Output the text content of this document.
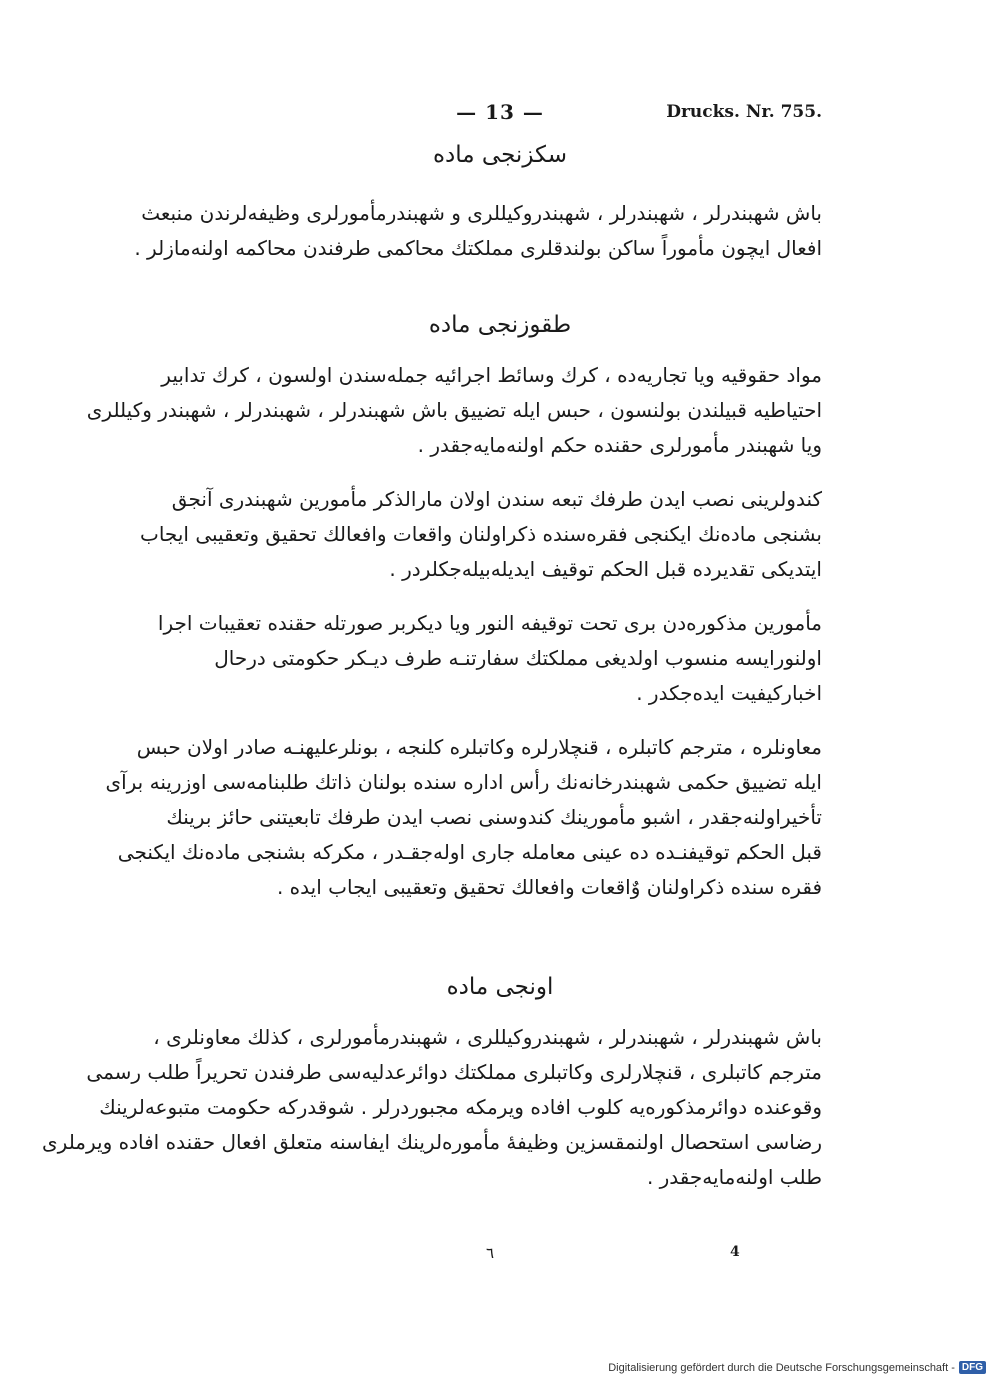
— 13 —	Drucks. Nr. 755.
سكزنجی ماده
باش شهبندرلر ، شهبندرلر ، شهبندروكيللری و شهبندرمأمورلری وظيفه‌لرندن منبعث
افعال ايچون مأموراً ساكن بولندقلری مملكتك محاكمی طرفندن محاكمه اولنه‌مازلر .
طقوزنجی ماده
مواد حقوقيه ويا تجاريه‌ده ، كرك وسائط اجرائيه جمله‌سندن اولسون ، كرك تدابير
احتياطيه قبيلندن بولنسون ، حبس ايله تضييق باش شهبندرلر ، شهبندرلر ، شهبندر وكيللری
ويا شهبندر مأمورلری حقنده حكم اولنه‌مايه‌جقدر .
كندولرينی نصب ايدن طرفك تبعه سندن اولان مارالذكر مأمورين شهبندری آنجق
بشنجی ماده‌نك ايكنجی فقره‌سنده ذكراولنان واقعات وافعالك تحقيق وتعقيبی ايجاب
ايتديكی تقديرده قبل الحكم توقيف ايديله‌بيله‌جكلردر .
مأمورين مذكوره‌دن بری تحت توقيفه النور ويا ديكربر صورتله حقنده تعقيبات اجرا
اولنورايسه منسوب اولديغی مملكتك سفارتنـه طرف ديـكر حكومتی درحال
اخباركيفيت ايده‌جكدر .
معاونلره ، مترجم كاتبلره ، قنچلارلره وكاتبلره كلنجه ، بونلرعليهنـه صادر اولان حبس
ايله تضييق حكمی شهبندرخانه‌نك رأس اداره سنده بولنان ذاتك طلبنامه‌سی اوزرينه برآی
تأخيراولنه‌جقدر ، اشبو مأمورينك كندوسنی نصب ايدن طرفك تابعيتنی حائز برينك
قبل الحكم توقيفنـده ده عينی معامله جاری اوله‌جقـدر ، مكركه بشنجی ماده‌نك ايكنجی
فقره سنده ذكراولنان وٌاقعات وافعالك تحقيق وتعقيبی ايجاب ايده .
اونجی ماده
باش شهبندرلر ، شهبندرلر ، شهبندروكيللری ، شهبندرمأمورلری ، كذلك معاونلری ،
مترجم كاتبلری ، قنچلارلری وكاتبلری مملكتك دوائرعدليه‌سی طرفندن تحريراً طلب رسمی
وقوعنده دوائرمذكوره‌يه كلوب افاده ويرمكه مجبوردرلر . شوقدركه حكومت متبوعه‌لرينك
رضاسی استحصال اولنمقسزين وظيفهٔ مأموره‌لرينك ايفاسنه متعلق افعال حقنده افاده ويرملری
طلب اولنه‌مايه‌جقدر .
٦	4
Digitalisierung gefördert durch die Deutsche Forschungsgemeinschaft - DFG
